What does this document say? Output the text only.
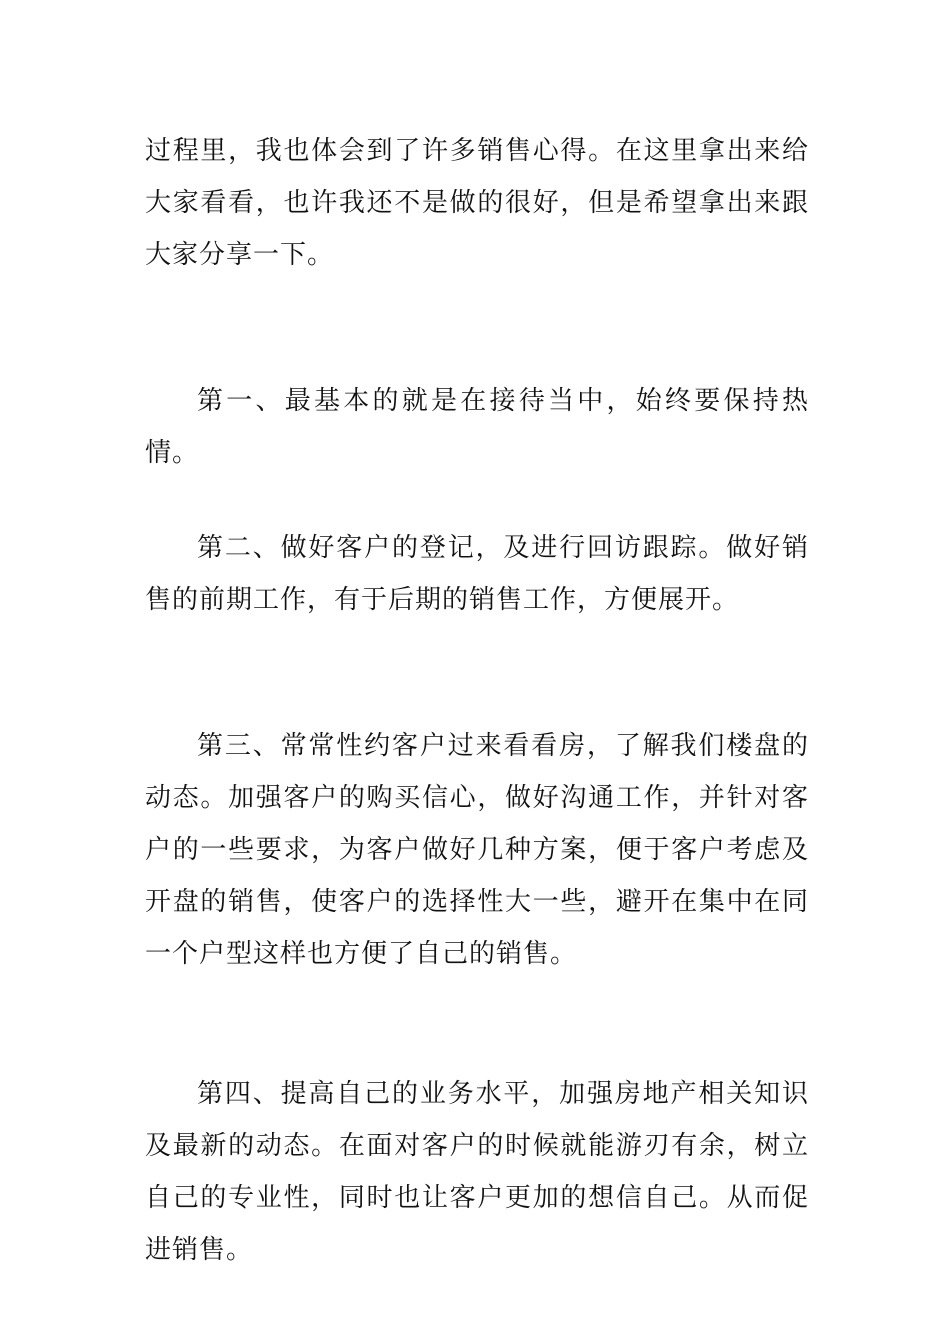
过程里，我也体会到了许多销售心得。在这里拿出来给大家看看，也许我还不是做的很好，但是希望拿出来跟大家分享一下。

第一、最基本的就是在接待当中，始终要保持热情。

第二、做好客户的登记，及进行回访跟踪。做好销售的前期工作，有于后期的销售工作，方便展开。

第三、常常性约客户过来看看房，了解我们楼盘的动态。加强客户的购买信心，做好沟通工作，并针对客户的一些要求，为客户做好几种方案，便于客户考虑及开盘的销售，使客户的选择性大一些，避开在集中在同一个户型这样也方便了自己的销售。

第四、提高自己的业务水平，加强房地产相关知识及最新的动态。在面对客户的时候就能游刃有余，树立自己的专业性，同时也让客户更加的想信自己。从而促进销售。
